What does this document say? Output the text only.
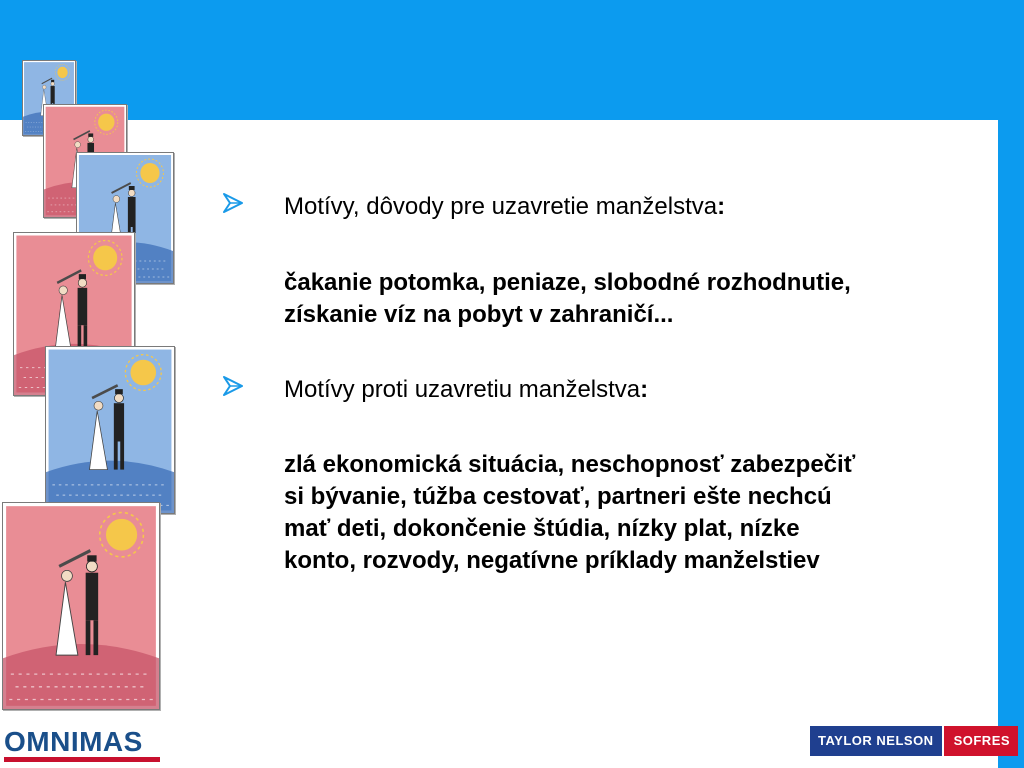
Motívy, dôvody pre uzavretie manželstva:
čakanie potomka, peniaze, slobodné rozhodnutie,
získanie víz na pobyt v zahraničí...
Motívy proti uzavretiu manželstva:
zlá ekonomická situácia, neschopnosť zabezpečiť
si bývanie, túžba cestovať, partneri ešte nechcú
mať deti, dokončenie štúdia, nízky plat, nízke
konto, rozvody, negatívne príklady manželstiev
OMNIMAS	TAYLOR NELSON	SOFRES
